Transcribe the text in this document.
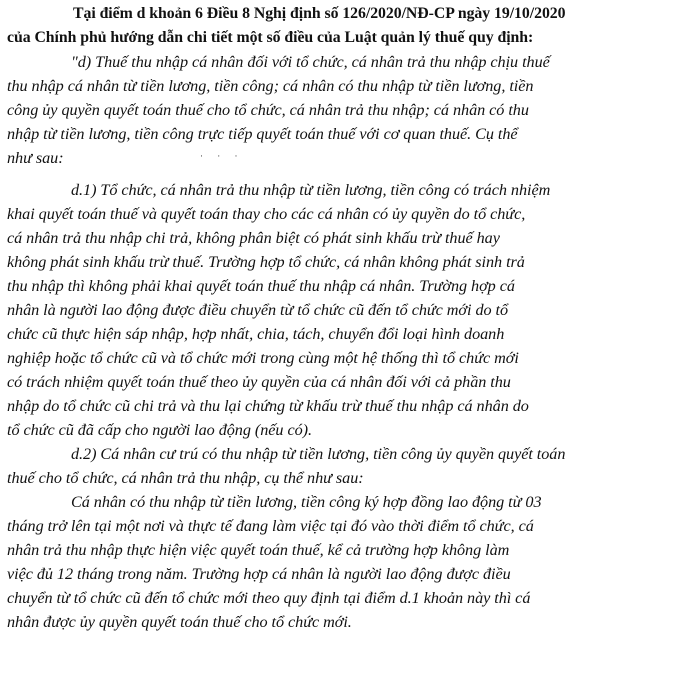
Tại điểm d khoản 6 Điều 8 Nghị định số 126/2020/NĐ-CP ngày 19/10/2020
của Chính phủ hướng dẫn chi tiết một số điều của Luật quản lý thuế quy định:
"d) Thuế thu nhập cá nhân đối với tổ chức, cá nhân trả thu nhập chịu thuế
thu nhập cá nhân từ tiền lương, tiền công; cá nhân có thu nhập từ tiền lương, tiền
công ủy quyền quyết toán thuế cho tổ chức, cá nhân trả thu nhập; cá nhân có thu
nhập từ tiền lương, tiền công trực tiếp quyết toán thuế với cơ quan thuế. Cụ thể
như sau:	· · ·
d.1) Tổ chức, cá nhân trả thu nhập từ tiền lương, tiền công có trách nhiệm
khai quyết toán thuế và quyết toán thay cho các cá nhân có ủy quyền do tổ chức,
cá nhân trả thu nhập chi trả, không phân biệt có phát sinh khấu trừ thuế hay
không phát sinh khấu trừ thuế. Trường hợp tổ chức, cá nhân không phát sinh trả
thu nhập thì không phải khai quyết toán thuế thu nhập cá nhân. Trường hợp cá
nhân là người lao động được điều chuyển từ tổ chức cũ đến tổ chức mới do tổ
chức cũ thực hiện sáp nhập, hợp nhất, chia, tách, chuyển đổi loại hình doanh
nghiệp hoặc tổ chức cũ và tổ chức mới trong cùng một hệ thống thì tổ chức mới
có trách nhiệm quyết toán thuế theo ủy quyền của cá nhân đối với cả phần thu
nhập do tổ chức cũ chi trả và thu lại chứng từ khấu trừ thuế thu nhập cá nhân do
tổ chức cũ đã cấp cho người lao động (nếu có).
d.2) Cá nhân cư trú có thu nhập từ tiền lương, tiền công ủy quyền quyết toán
thuế cho tổ chức, cá nhân trả thu nhập, cụ thể như sau:
Cá nhân có thu nhập từ tiền lương, tiền công ký hợp đồng lao động từ 03
tháng trở lên tại một nơi và thực tế đang làm việc tại đó vào thời điểm tổ chức, cá
nhân trả thu nhập thực hiện việc quyết toán thuế, kể cả trường hợp không làm
việc đủ 12 tháng trong năm. Trường hợp cá nhân là người lao động được điều
chuyển từ tổ chức cũ đến tổ chức mới theo quy định tại điểm d.1 khoản này thì cá
nhân được ủy quyền quyết toán thuế cho tổ chức mới.
